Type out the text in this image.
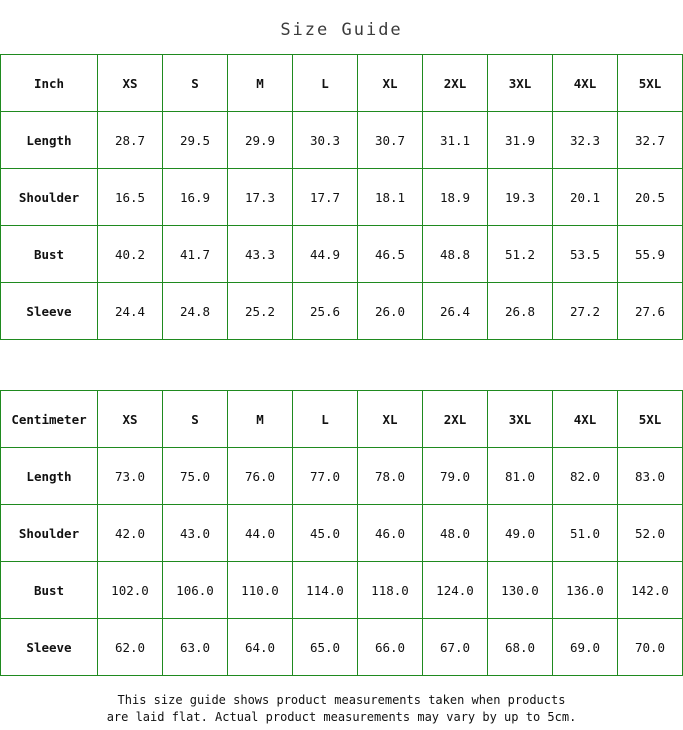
Size Guide
Inch	XS	S	M	L	XL	2XL	3XL	4XL	5XL
Length	28.7	29.5	29.9	30.3	30.7	31.1	31.9	32.3	32.7
Shoulder	16.5	16.9	17.3	17.7	18.1	18.9	19.3	20.1	20.5
Bust	40.2	41.7	43.3	44.9	46.5	48.8	51.2	53.5	55.9
Sleeve	24.4	24.8	25.2	25.6	26.0	26.4	26.8	27.2	27.6
Centimeter	XS	S	M	L	XL	2XL	3XL	4XL	5XL
Length	73.0	75.0	76.0	77.0	78.0	79.0	81.0	82.0	83.0
Shoulder	42.0	43.0	44.0	45.0	46.0	48.0	49.0	51.0	52.0
Bust	102.0	106.0	110.0	114.0	118.0	124.0	130.0	136.0	142.0
Sleeve	62.0	63.0	64.0	65.0	66.0	67.0	68.0	69.0	70.0
This size guide shows product measurements taken when products
are laid flat. Actual product measurements may vary by up to 5cm.
